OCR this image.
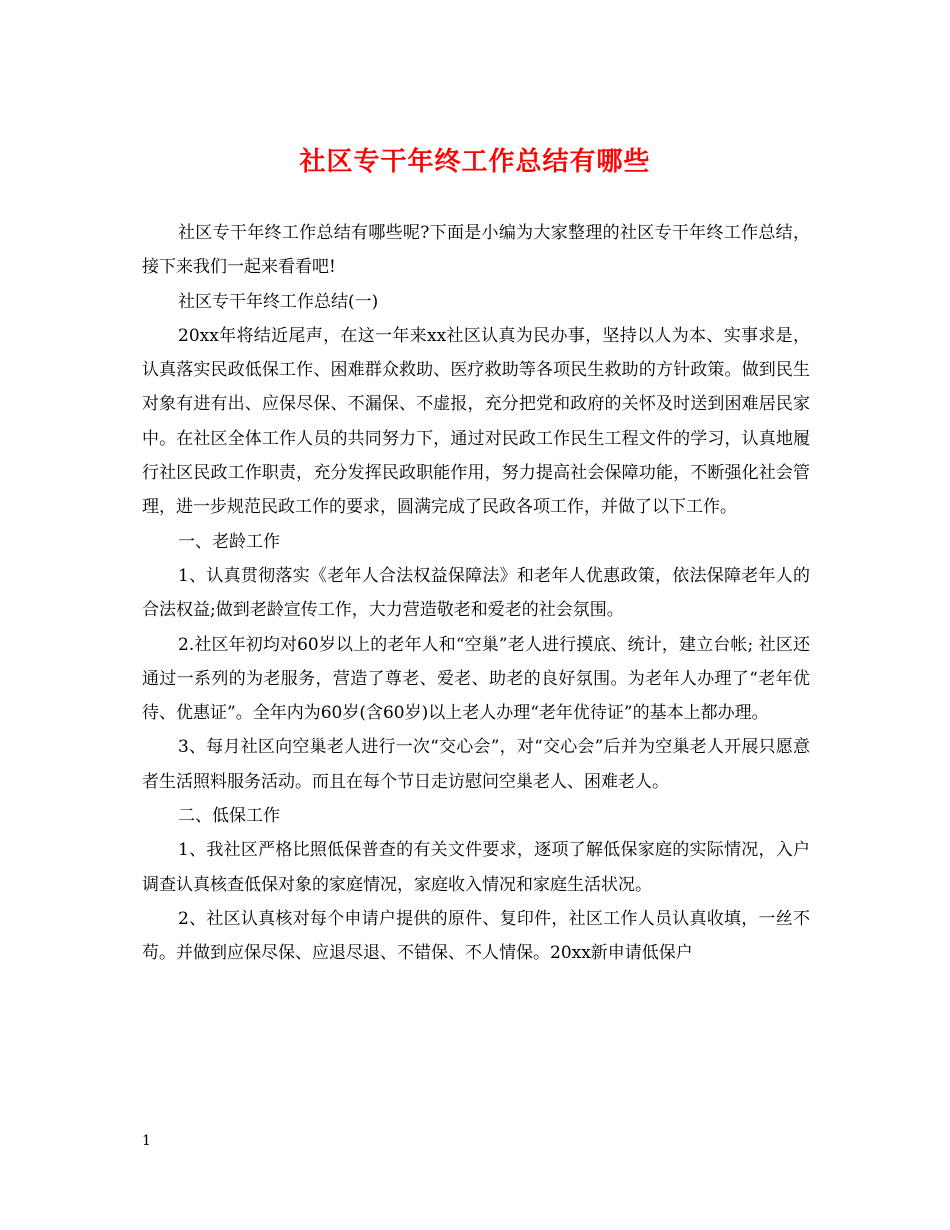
社区专干年终工作总结有哪些

社区专干年终工作总结有哪些呢?下面是小编为大家整理的社区专干年终工作总结，接下来我们一起来看看吧!

社区专干年终工作总结(一)

20xx年将结近尾声，在这一年来xx社区认真为民办事，坚持以人为本、实事求是，认真落实民政低保工作、困难群众救助、医疗救助等各项民生救助的方针政策。做到民生对象有进有出、应保尽保、不漏保、不虚报，充分把党和政府的关怀及时送到困难居民家中。在社区全体工作人员的共同努力下，通过对民政工作民生工程文件的学习，认真地履行社区民政工作职责，充分发挥民政职能作用，努力提高社会保障功能，不断强化社会管理，进一步规范民政工作的要求，圆满完成了民政各项工作，并做了以下工作。

一、老龄工作

1、认真贯彻落实《老年人合法权益保障法》和老年人优惠政策，依法保障老年人的合法权益;做到老龄宣传工作，大力营造敬老和爱老的社会氛围。

2.社区年初均对60岁以上的老年人和“空巢”老人进行摸底、统计，建立台帐; 社区还通过一系列的为老服务，营造了尊老、爱老、助老的良好氛围。为老年人办理了“老年优待、优惠证”。全年内为60岁(含60岁)以上老人办理“老年优待证”的基本上都办理。

3、每月社区向空巢老人进行一次“交心会”，对“交心会”后并为空巢老人开展只愿意者生活照料服务活动。而且在每个节日走访慰问空巢老人、困难老人。

二、低保工作

1、我社区严格比照低保普查的有关文件要求，逐项了解低保家庭的实际情况，入户调查认真核查低保对象的家庭情况，家庭收入情况和家庭生活状况。

2、社区认真核对每个申请户提供的原件、复印件，社区工作人员认真收填，一丝不苟。并做到应保尽保、应退尽退、不错保、不人情保。20xx新申请低保户

1
